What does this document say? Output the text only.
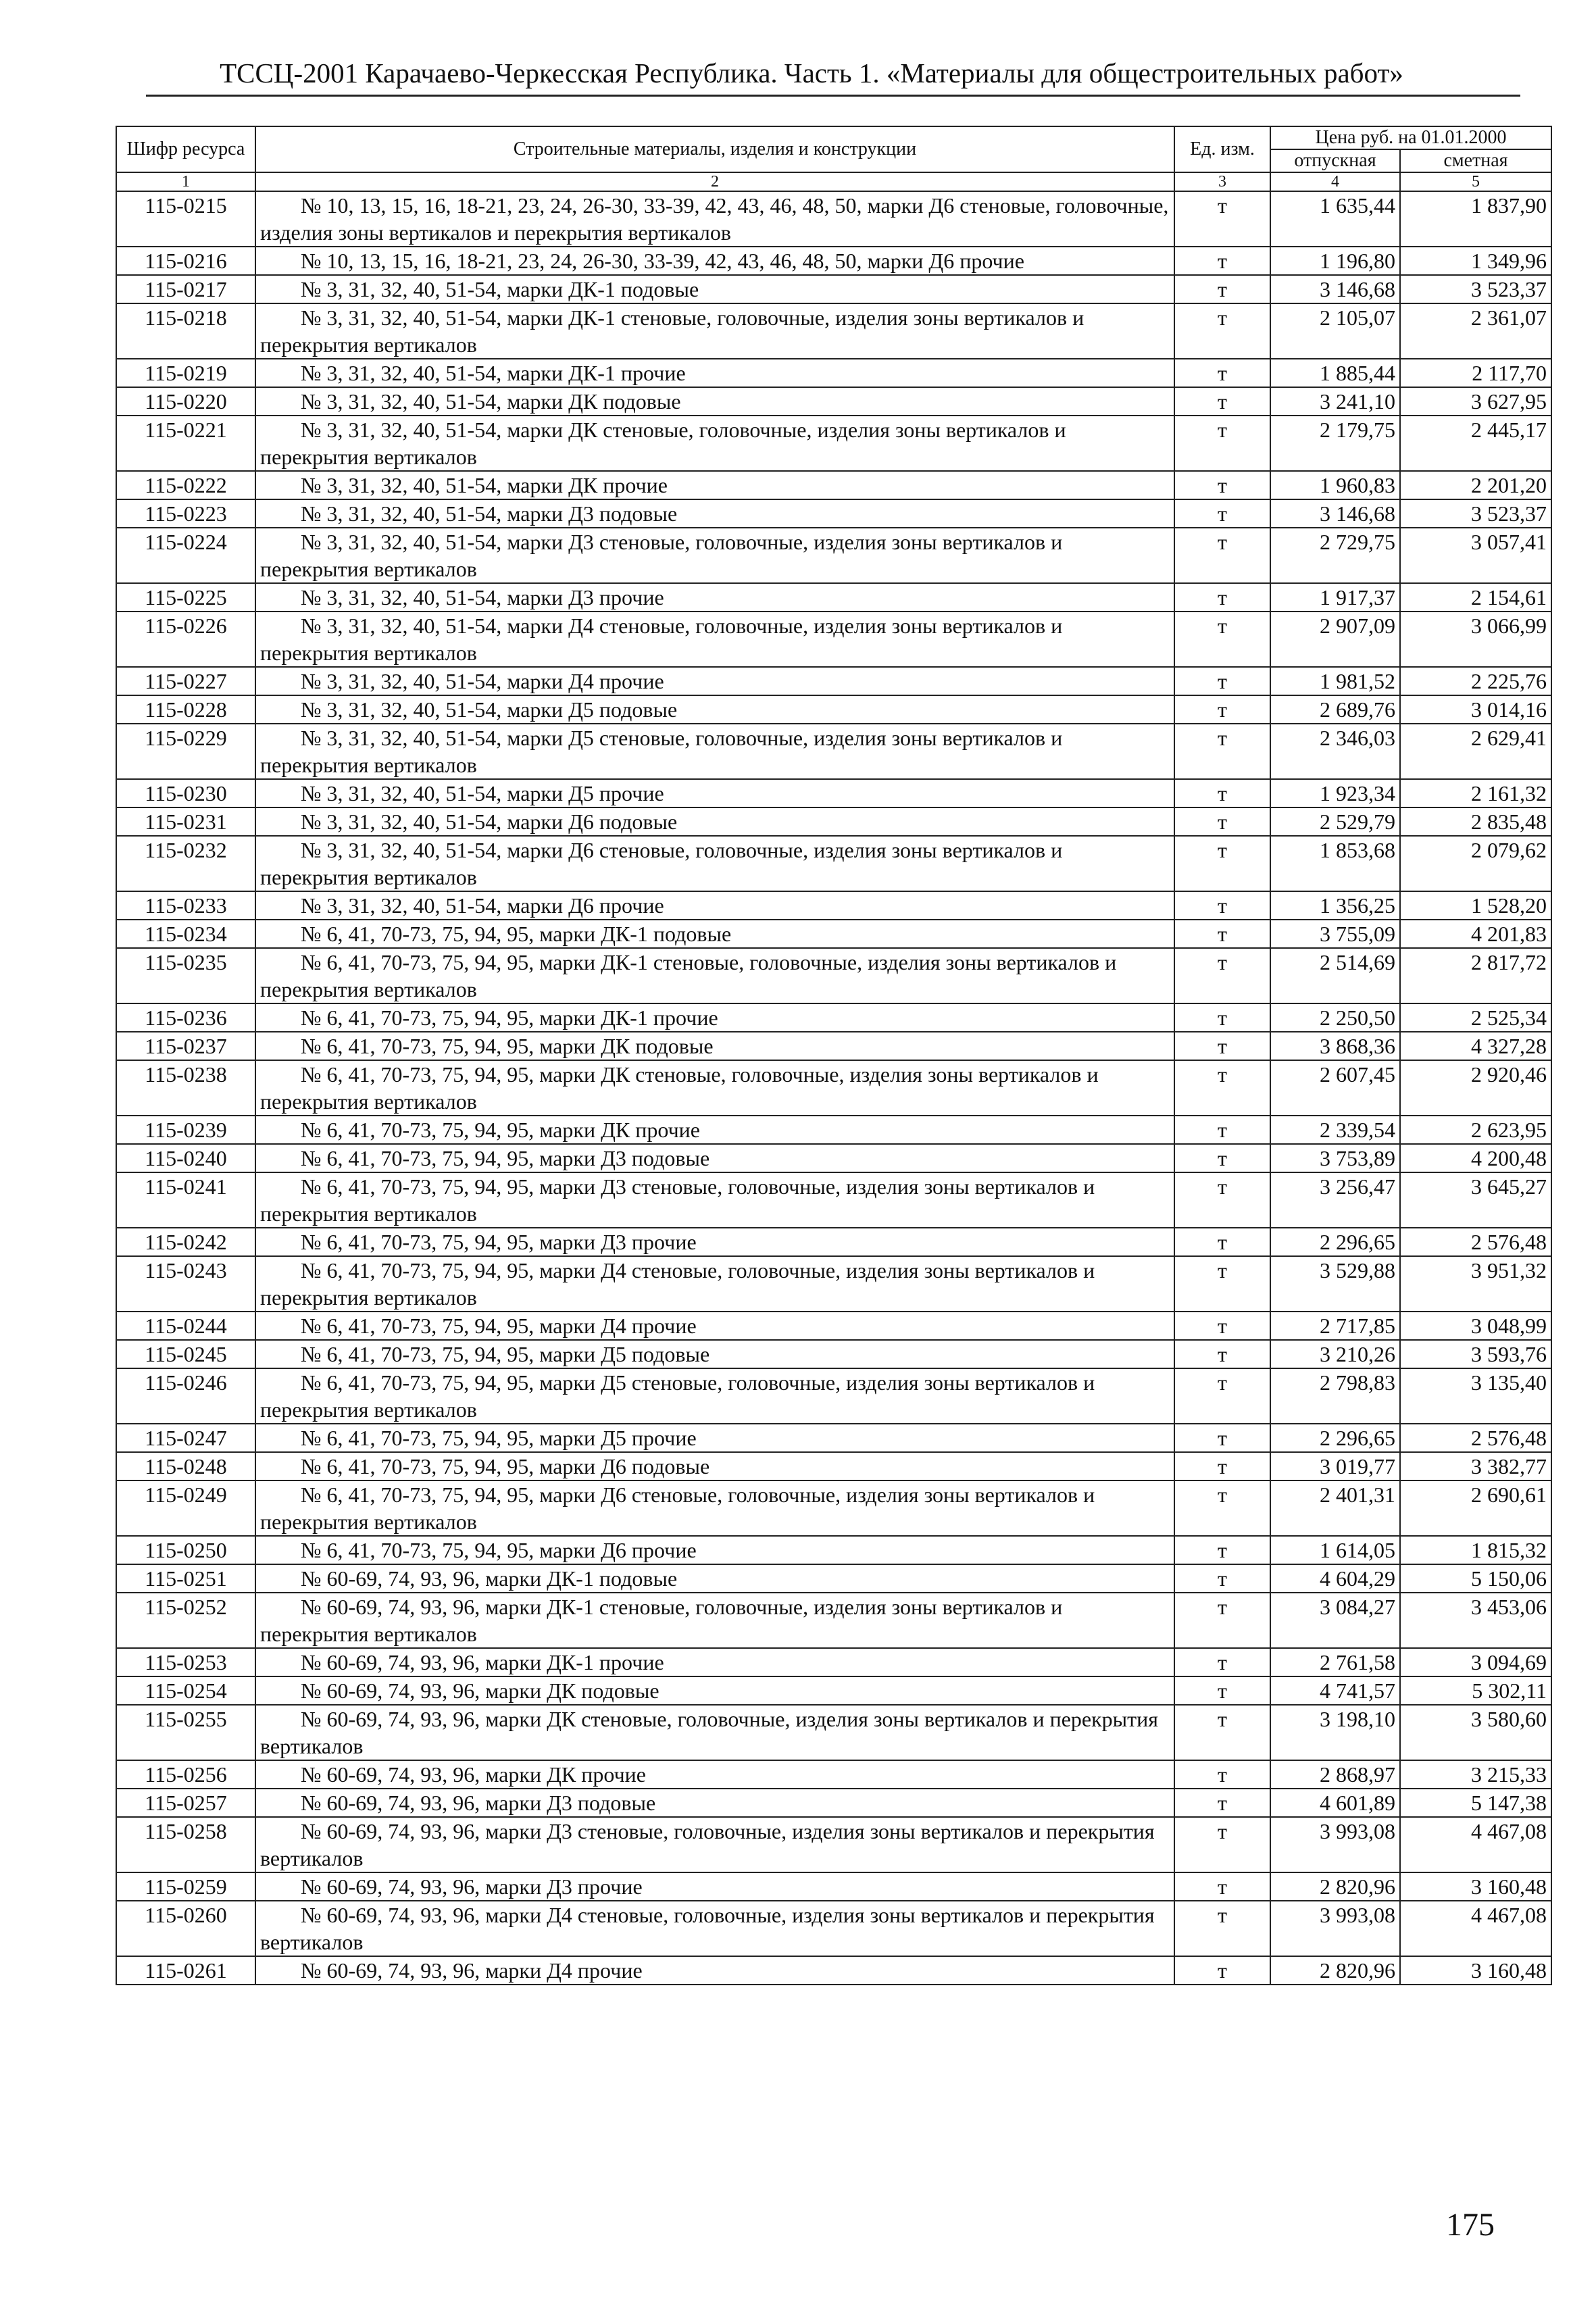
ТССЦ-2001 Карачаево-Черкесская Республика. Часть 1. «Материалы для общестроительных работ»
Шифр ресурса	Строительные материалы, изделия и конструкции	Ед. изм.	Цена руб. на 01.01.2000	
			отпускная	сметная
1	2	3	4	5
115-0215	№ 10, 13, 15, 16, 18-21, 23, 24, 26-30, 33-39, 42, 43, 46, 48, 50, марки Д6 стеновые, головочные, изделия зоны вертикалов и перекрытия вертикалов	т	1 635,44	1 837,90
115-0216	№ 10, 13, 15, 16, 18-21, 23, 24, 26-30, 33-39, 42, 43, 46, 48, 50, марки Д6 прочие	т	1 196,80	1 349,96
115-0217	№ 3, 31, 32, 40, 51-54, марки ДК-1 подовые	т	3 146,68	3 523,37
115-0218	№ 3, 31, 32, 40, 51-54, марки ДК-1 стеновые, головочные, изделия зоны вертикалов и перекрытия вертикалов	т	2 105,07	2 361,07
115-0219	№ 3, 31, 32, 40, 51-54, марки ДК-1 прочие	т	1 885,44	2 117,70
115-0220	№ 3, 31, 32, 40, 51-54, марки ДК подовые	т	3 241,10	3 627,95
115-0221	№ 3, 31, 32, 40, 51-54, марки ДК стеновые, головочные, изделия зоны вертикалов и перекрытия вертикалов	т	2 179,75	2 445,17
115-0222	№ 3, 31, 32, 40, 51-54, марки ДК прочие	т	1 960,83	2 201,20
115-0223	№ 3, 31, 32, 40, 51-54, марки Д3 подовые	т	3 146,68	3 523,37
115-0224	№ 3, 31, 32, 40, 51-54, марки Д3 стеновые, головочные, изделия зоны вертикалов и перекрытия вертикалов	т	2 729,75	3 057,41
115-0225	№ 3, 31, 32, 40, 51-54, марки Д3 прочие	т	1 917,37	2 154,61
115-0226	№ 3, 31, 32, 40, 51-54, марки Д4 стеновые, головочные, изделия зоны вертикалов и перекрытия вертикалов	т	2 907,09	3 066,99
115-0227	№ 3, 31, 32, 40, 51-54, марки Д4 прочие	т	1 981,52	2 225,76
115-0228	№ 3, 31, 32, 40, 51-54, марки Д5 подовые	т	2 689,76	3 014,16
115-0229	№ 3, 31, 32, 40, 51-54, марки Д5 стеновые, головочные, изделия зоны вертикалов и перекрытия вертикалов	т	2 346,03	2 629,41
115-0230	№ 3, 31, 32, 40, 51-54, марки Д5 прочие	т	1 923,34	2 161,32
115-0231	№ 3, 31, 32, 40, 51-54, марки Д6 подовые	т	2 529,79	2 835,48
115-0232	№ 3, 31, 32, 40, 51-54, марки Д6 стеновые, головочные, изделия зоны вертикалов и перекрытия вертикалов	т	1 853,68	2 079,62
115-0233	№ 3, 31, 32, 40, 51-54, марки Д6 прочие	т	1 356,25	1 528,20
115-0234	№ 6, 41, 70-73, 75, 94, 95, марки ДК-1 подовые	т	3 755,09	4 201,83
115-0235	№ 6, 41, 70-73, 75, 94, 95, марки ДК-1 стеновые, головочные, изделия зоны вертикалов и перекрытия вертикалов	т	2 514,69	2 817,72
115-0236	№ 6, 41, 70-73, 75, 94, 95, марки ДК-1 прочие	т	2 250,50	2 525,34
115-0237	№ 6, 41, 70-73, 75, 94, 95, марки ДК подовые	т	3 868,36	4 327,28
115-0238	№ 6, 41, 70-73, 75, 94, 95, марки ДК стеновые, головочные, изделия зоны вертикалов и перекрытия вертикалов	т	2 607,45	2 920,46
115-0239	№ 6, 41, 70-73, 75, 94, 95, марки ДК прочие	т	2 339,54	2 623,95
115-0240	№ 6, 41, 70-73, 75, 94, 95, марки Д3 подовые	т	3 753,89	4 200,48
115-0241	№ 6, 41, 70-73, 75, 94, 95, марки Д3 стеновые, головочные, изделия зоны вертикалов и перекрытия вертикалов	т	3 256,47	3 645,27
115-0242	№ 6, 41, 70-73, 75, 94, 95, марки Д3 прочие	т	2 296,65	2 576,48
115-0243	№ 6, 41, 70-73, 75, 94, 95, марки Д4 стеновые, головочные, изделия зоны вертикалов и перекрытия вертикалов	т	3 529,88	3 951,32
115-0244	№ 6, 41, 70-73, 75, 94, 95, марки Д4 прочие	т	2 717,85	3 048,99
115-0245	№ 6, 41, 70-73, 75, 94, 95, марки Д5 подовые	т	3 210,26	3 593,76
115-0246	№ 6, 41, 70-73, 75, 94, 95, марки Д5 стеновые, головочные, изделия зоны вертикалов и перекрытия вертикалов	т	2 798,83	3 135,40
115-0247	№ 6, 41, 70-73, 75, 94, 95, марки Д5 прочие	т	2 296,65	2 576,48
115-0248	№ 6, 41, 70-73, 75, 94, 95, марки Д6 подовые	т	3 019,77	3 382,77
115-0249	№ 6, 41, 70-73, 75, 94, 95, марки Д6 стеновые, головочные, изделия зоны вертикалов и перекрытия вертикалов	т	2 401,31	2 690,61
115-0250	№ 6, 41, 70-73, 75, 94, 95, марки Д6 прочие	т	1 614,05	1 815,32
115-0251	№ 60-69, 74, 93, 96, марки ДК-1 подовые	т	4 604,29	5 150,06
115-0252	№ 60-69, 74, 93, 96, марки ДК-1 стеновые, головочные, изделия зоны вертикалов и перекрытия вертикалов	т	3 084,27	3 453,06
115-0253	№ 60-69, 74, 93, 96, марки ДК-1 прочие	т	2 761,58	3 094,69
115-0254	№ 60-69, 74, 93, 96, марки ДК подовые	т	4 741,57	5 302,11
115-0255	№ 60-69, 74, 93, 96, марки ДК стеновые, головочные, изделия зоны вертикалов и перекрытия вертикалов	т	3 198,10	3 580,60
115-0256	№ 60-69, 74, 93, 96, марки ДК прочие	т	2 868,97	3 215,33
115-0257	№ 60-69, 74, 93, 96, марки Д3 подовые	т	4 601,89	5 147,38
115-0258	№ 60-69, 74, 93, 96, марки Д3 стеновые, головочные, изделия зоны вертикалов и перекрытия вертикалов	т	3 993,08	4 467,08
115-0259	№ 60-69, 74, 93, 96, марки Д3 прочие	т	2 820,96	3 160,48
115-0260	№ 60-69, 74, 93, 96, марки Д4 стеновые, головочные, изделия зоны вертикалов и перекрытия вертикалов	т	3 993,08	4 467,08
115-0261	№ 60-69, 74, 93, 96, марки Д4 прочие	т	2 820,96	3 160,48
175
